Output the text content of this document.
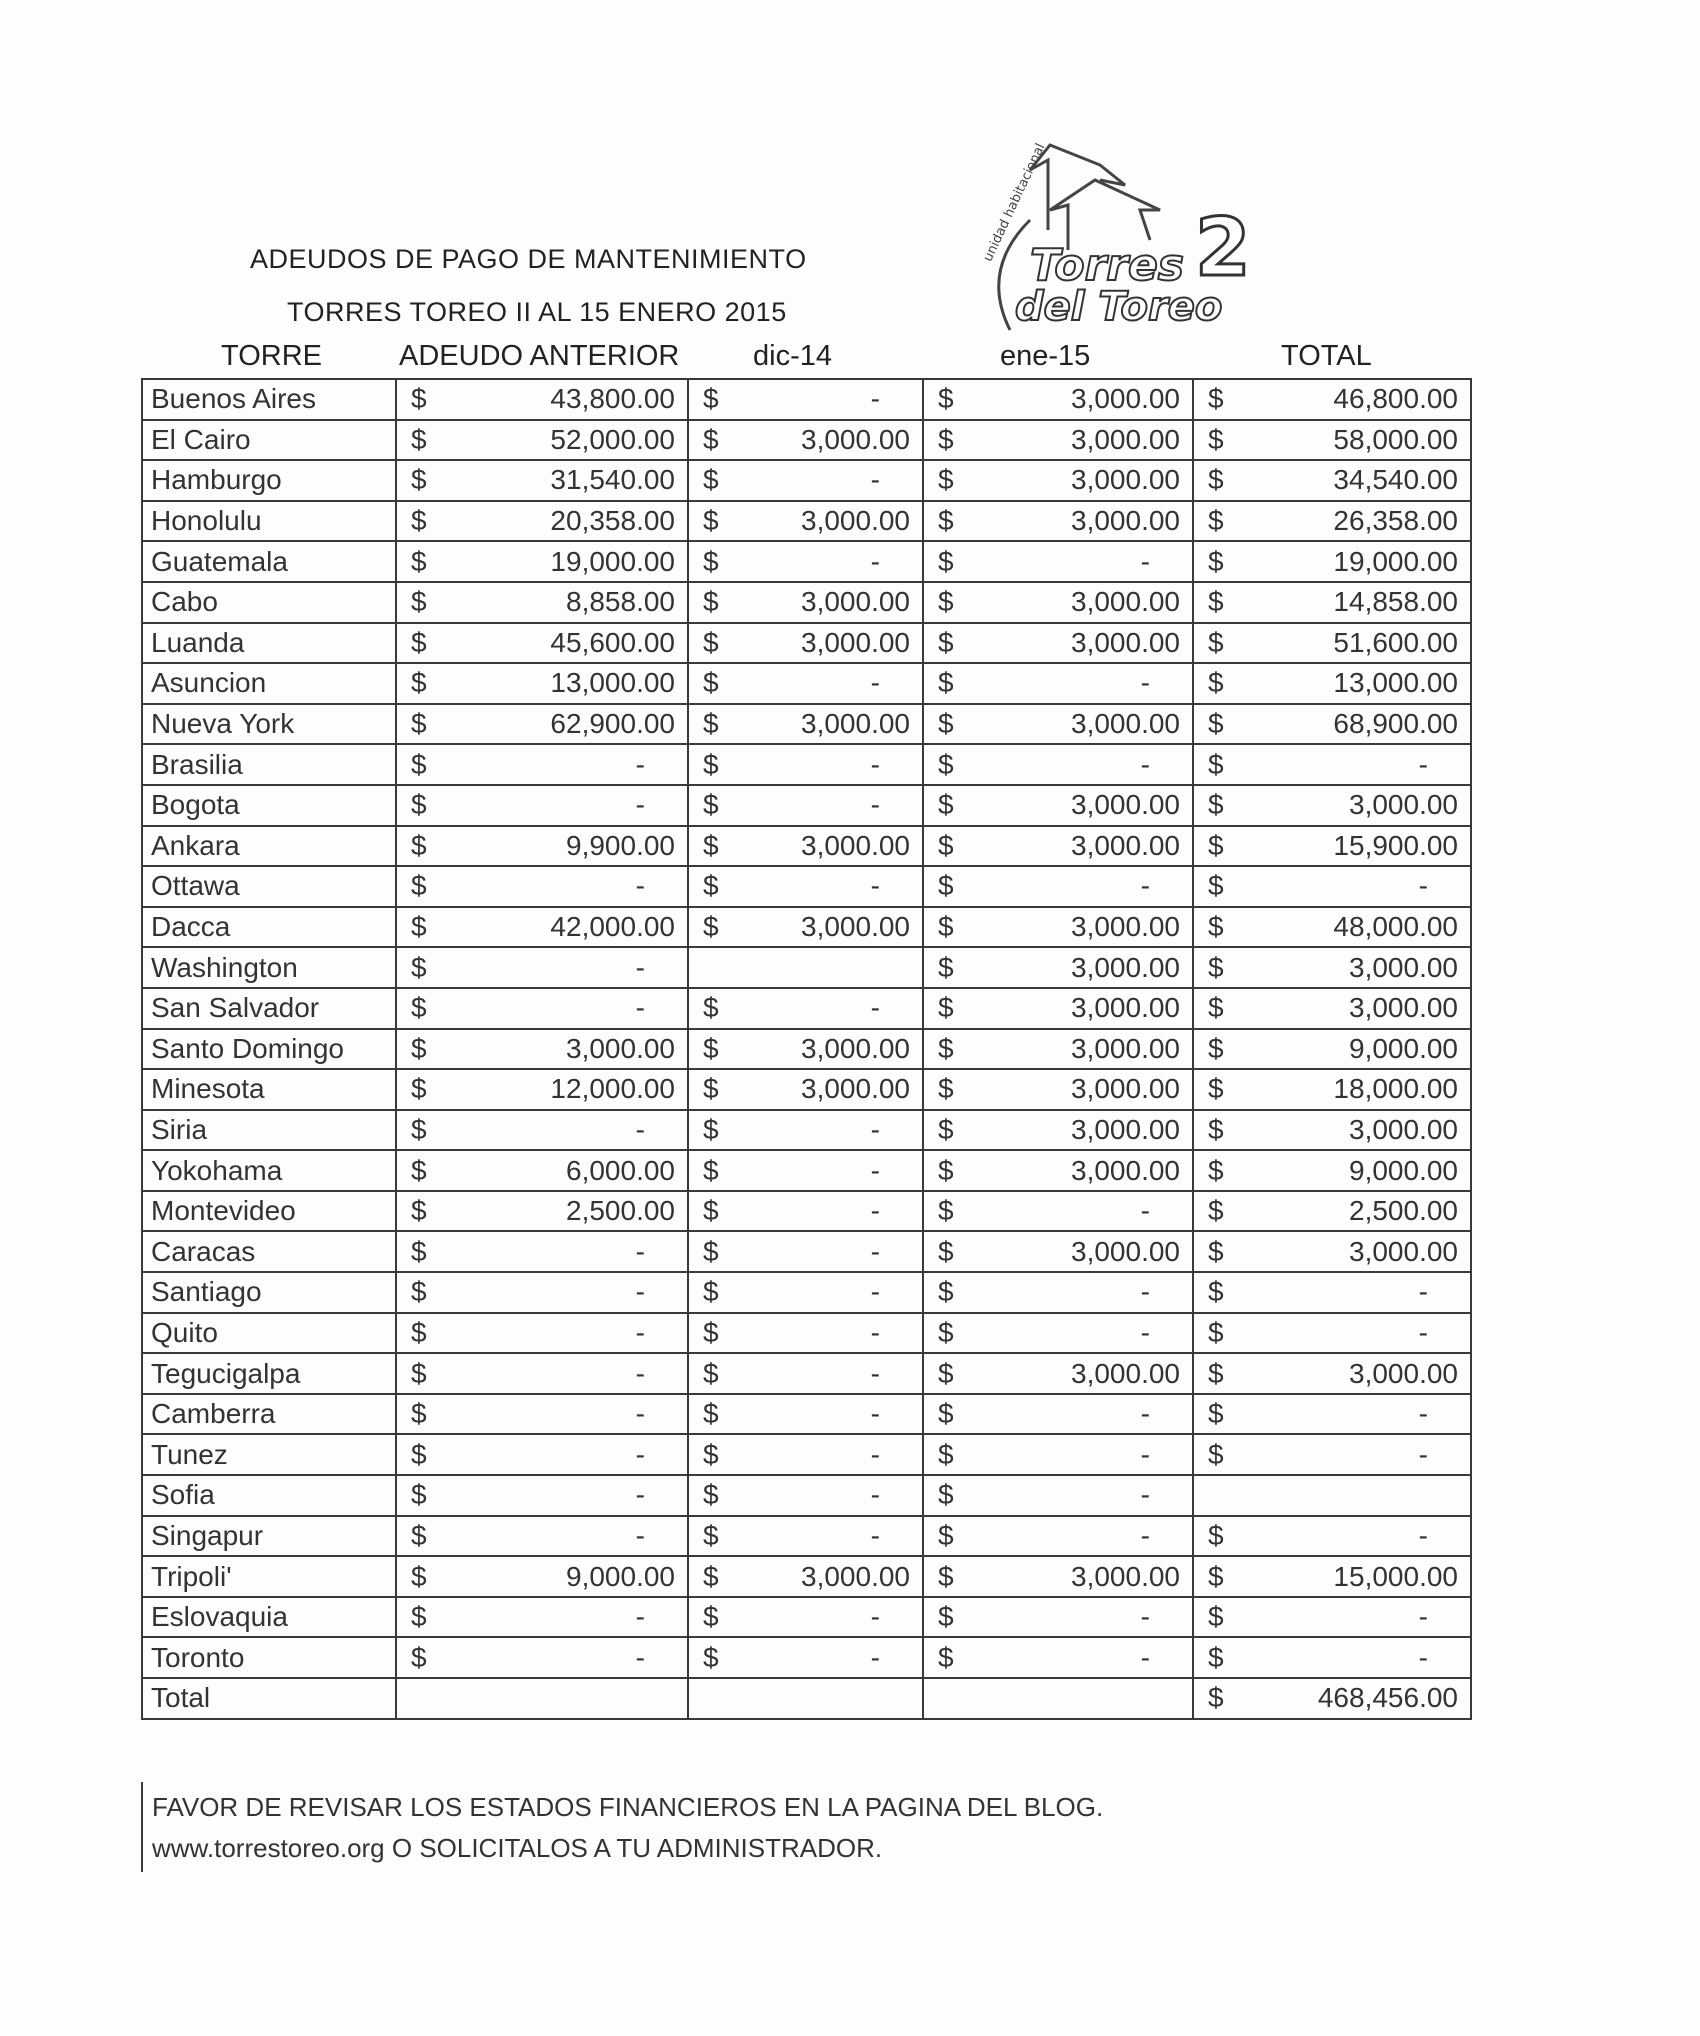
ADEUDOS DE PAGO DE MANTENIMIENTO
TORRES TOREO II AL 15 ENERO 2015
unidad habitacional
Torres
del Toreo
2
TORRE	ADEUDO ANTERIOR	dic-14	ene-15	TOTAL
Buenos Aires	$ 43,800.00	$ -	$ 3,000.00	$ 46,800.00

El Cairo	$ 52,000.00	$ 3,000.00	$ 3,000.00	$ 58,000.00

Hamburgo	$ 31,540.00	$ -	$ 3,000.00	$ 34,540.00

Honolulu	$ 20,358.00	$ 3,000.00	$ 3,000.00	$ 26,358.00

Guatemala	$ 19,000.00	$ -	$ -	$ 19,000.00

Cabo	$ 8,858.00	$ 3,000.00	$ 3,000.00	$ 14,858.00

Luanda	$ 45,600.00	$ 3,000.00	$ 3,000.00	$ 51,600.00

Asuncion	$ 13,000.00	$ -	$ -	$ 13,000.00

Nueva York	$ 62,900.00	$ 3,000.00	$ 3,000.00	$ 68,900.00

Brasilia	$ -	$ -	$ -	$ -

Bogota	$ -	$ -	$ 3,000.00	$ 3,000.00

Ankara	$ 9,900.00	$ 3,000.00	$ 3,000.00	$ 15,900.00

Ottawa	$ -	$ -	$ -	$ -

Dacca	$ 42,000.00	$ 3,000.00	$ 3,000.00	$ 48,000.00

Washington	$ -		$ 3,000.00	$ 3,000.00

San Salvador	$ -	$ -	$ 3,000.00	$ 3,000.00

Santo Domingo	$ 3,000.00	$ 3,000.00	$ 3,000.00	$ 9,000.00

Minesota	$ 12,000.00	$ 3,000.00	$ 3,000.00	$ 18,000.00

Siria	$ -	$ -	$ 3,000.00	$ 3,000.00

Yokohama	$ 6,000.00	$ -	$ 3,000.00	$ 9,000.00

Montevideo	$ 2,500.00	$ -	$ -	$ 2,500.00

Caracas	$ -	$ -	$ 3,000.00	$ 3,000.00

Santiago	$ -	$ -	$ -	$ -

Quito	$ -	$ -	$ -	$ -

Tegucigalpa	$ -	$ -	$ 3,000.00	$ 3,000.00

Camberra	$ -	$ -	$ -	$ -

Tunez	$ -	$ -	$ -	$ -

Sofia	$ -	$ -	$ -	

Singapur	$ -	$ -	$ -	$ -

Tripoli'	$ 9,000.00	$ 3,000.00	$ 3,000.00	$ 15,000.00

Eslovaquia	$ -	$ -	$ -	$ -

Toronto	$ -	$ -	$ -	$ -

Total				$ 468,456.00
FAVOR DE REVISAR LOS ESTADOS FINANCIEROS EN LA PAGINA DEL BLOG.
www.torrestoreo.org O SOLICITALOS A TU ADMINISTRADOR.
